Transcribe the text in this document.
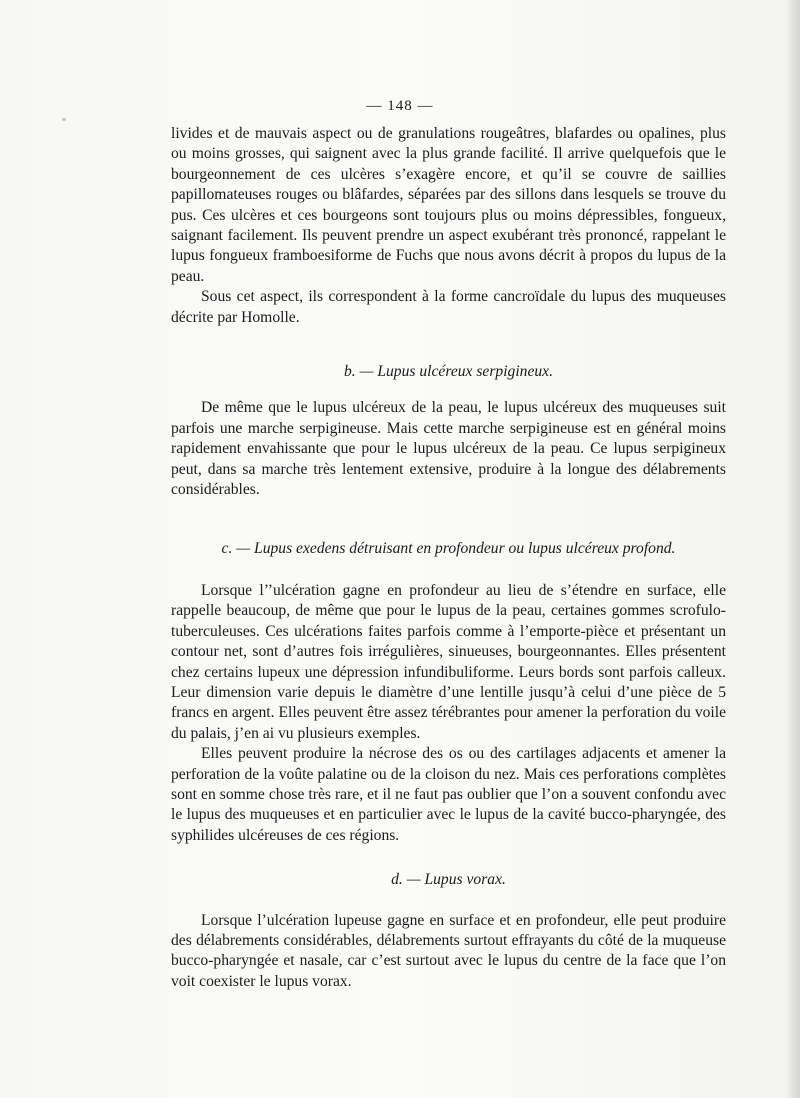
— 148 —

livides et de mauvais aspect ou de granulations rougeâtres, blafardes ou opalines, plus ou moins grosses, qui saignent avec la plus grande facilité. Il arrive quelquefois que le bourgeonnement de ces ulcères s’exagère encore, et qu’il se couvre de saillies papillomateuses rouges ou blâfardes, séparées par des sillons dans lesquels se trouve du pus. Ces ulcères et ces bourgeons sont toujours plus ou moins dépressibles, fongueux, saignant facilement. Ils peuvent prendre un aspect exubérant très prononcé, rappelant le lupus fongueux framboesiforme de Fuchs que nous avons décrit à propos du lupus de la peau.

Sous cet aspect, ils correspondent à la forme cancroïdale du lupus des muqueuses décrite par Homolle.

b. — Lupus ulcéreux serpigineux.

De même que le lupus ulcéreux de la peau, le lupus ulcéreux des muqueuses suit parfois une marche serpigineuse. Mais cette marche serpigineuse est en général moins rapidement envahissante que pour le lupus ulcéreux de la peau. Ce lupus serpigineux peut, dans sa marche très lentement extensive, produire à la longue des délabrements considérables.

c. — Lupus exedens détruisant en profondeur ou lupus ulcéreux profond.

Lorsque l’’ulcération gagne en profondeur au lieu de s’étendre en surface, elle rappelle beaucoup, de même que pour le lupus de la peau, certaines gommes scrofulo-tuberculeuses. Ces ulcérations faites parfois comme à l’emporte-pièce et présentant un contour net, sont d’autres fois irrégulières, sinueuses, bourgeonnantes. Elles présentent chez certains lupeux une dépression infundibuliforme. Leurs bords sont parfois calleux. Leur dimension varie depuis le diamètre d’une lentille jusqu’à celui d’une pièce de 5 francs en argent. Elles peuvent être assez térébrantes pour amener la perforation du voile du palais, j’en ai vu plusieurs exemples.

Elles peuvent produire la nécrose des os ou des cartilages adjacents et amener la perforation de la voûte palatine ou de la cloison du nez. Mais ces perforations complètes sont en somme chose très rare, et il ne faut pas oublier que l’on a souvent confondu avec le lupus des muqueuses et en particulier avec le lupus de la cavité bucco-pharyngée, des syphilides ulcéreuses de ces régions.

d. — Lupus vorax.

Lorsque l’ulcération lupeuse gagne en surface et en profondeur, elle peut produire des délabrements considérables, délabrements surtout effrayants du côté de la muqueuse bucco-pharyngée et nasale, car c’est surtout avec le lupus du centre de la face que l’on voit coexister le lupus vorax.
